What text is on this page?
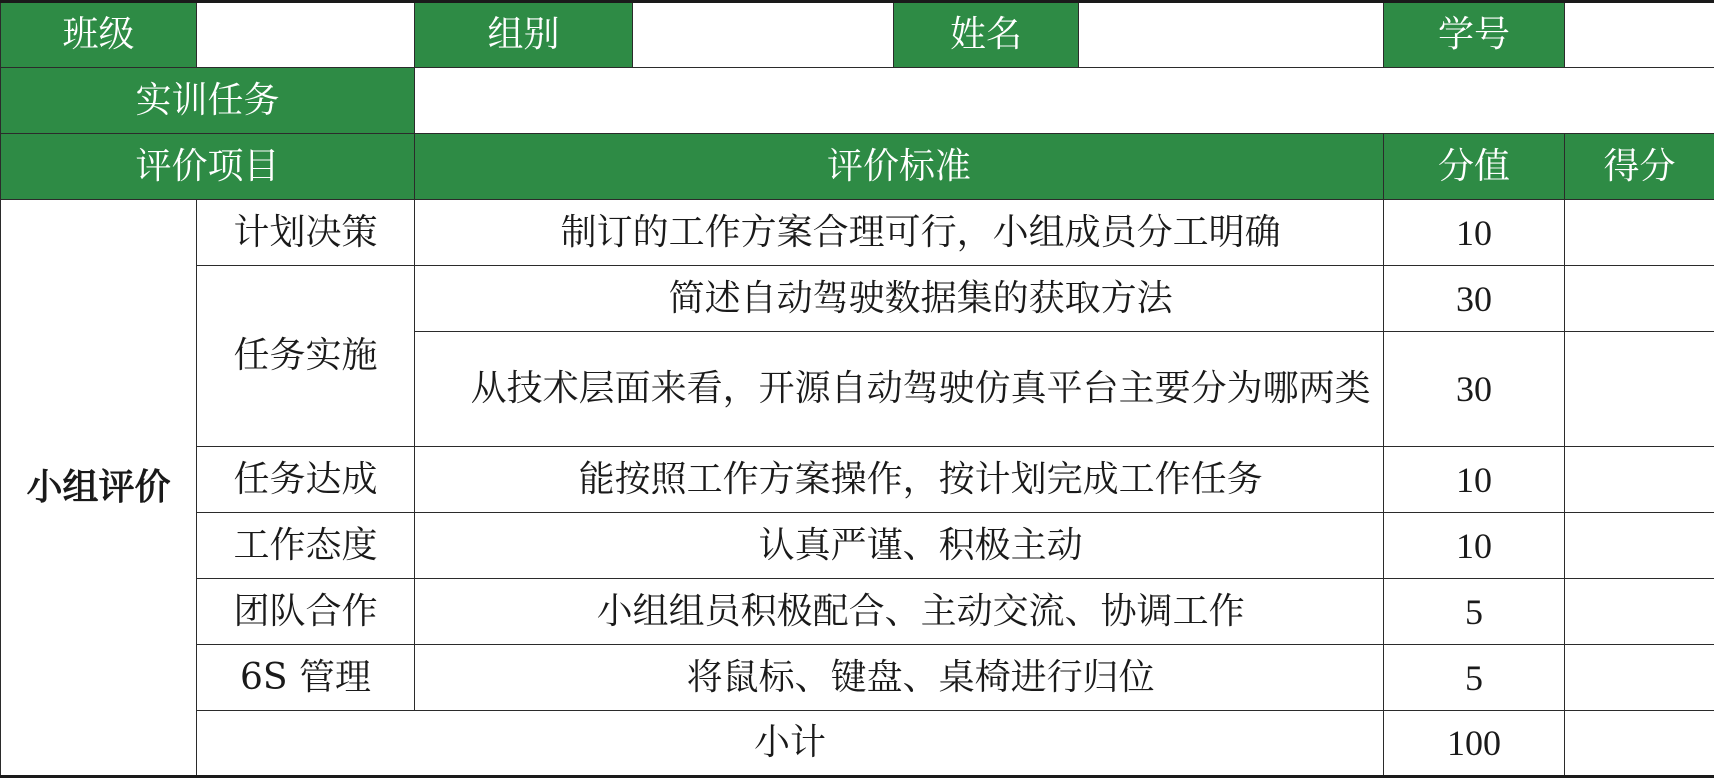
班级		组别		姓名		学号	
实训任务							
评价项目		评价标准				分值	得分
小组评价	计划决策	制订的工作方案合理可行，小组成员分工明确				10	
	任务实施	简述自动驾驶数据集的获取方法				30	

		从技术层面来看，开源自动驾驶仿真平台主要分为哪两类				30	
	任务达成	能按照工作方案操作，按计划完成工作任务				10	
	工作态度	认真严谨、积极主动				10	
	团队合作	小组组员积极配合、主动交流、协调工作				5	
	6S 管理	将鼠标、键盘、桌椅进行归位				5	
	小计					100	
